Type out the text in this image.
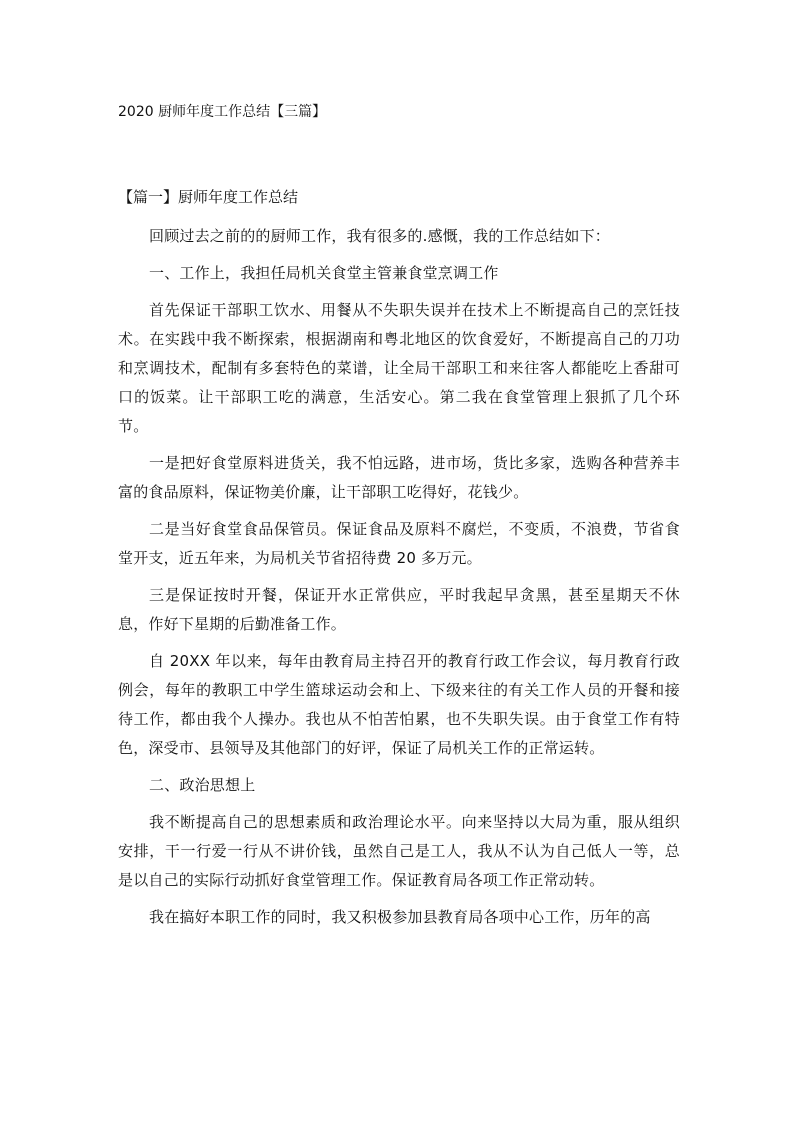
2020 厨师年度工作总结【三篇】
【篇一】厨师年度工作总结

回顾过去之前的的厨师工作，我有很多的.感慨，我的工作总结如下：

一、工作上，我担任局机关食堂主管兼食堂烹调工作

首先保证干部职工饮水、用餐从不失职失误并在技术上不断提高自己的烹饪技术。在实践中我不断探索，根据湖南和粤北地区的饮食爱好，不断提高自己的刀功和烹调技术，配制有多套特色的菜谱，让全局干部职工和来往客人都能吃上香甜可口的饭菜。让干部职工吃的满意，生活安心。第二我在食堂管理上狠抓了几个环节。

一是把好食堂原料进货关，我不怕远路，进市场，货比多家，选购各种营养丰富的食品原料，保证物美价廉，让干部职工吃得好，花钱少。

二是当好食堂食品保管员。保证食品及原料不腐烂，不变质，不浪费，节省食堂开支，近五年来，为局机关节省招待费 20 多万元。

三是保证按时开餐，保证开水正常供应，平时我起早贪黑，甚至星期天不休息，作好下星期的后勤准备工作。

自 20XX 年以来，每年由教育局主持召开的教育行政工作会议，每月教育行政例会，每年的教职工中学生篮球运动会和上、下级来往的有关工作人员的开餐和接待工作，都由我个人操办。我也从不怕苦怕累，也不失职失误。由于食堂工作有特色，深受市、县领导及其他部门的好评，保证了局机关工作的正常运转。

二、政治思想上

我不断提高自己的思想素质和政治理论水平。向来坚持以大局为重，服从组织安排，干一行爱一行从不讲价钱，虽然自己是工人，我从不认为自己低人一等，总是以自己的实际行动抓好食堂管理工作。保证教育局各项工作正常动转。

我在搞好本职工作的同时，我又积极参加县教育局各项中心工作，历年的高
